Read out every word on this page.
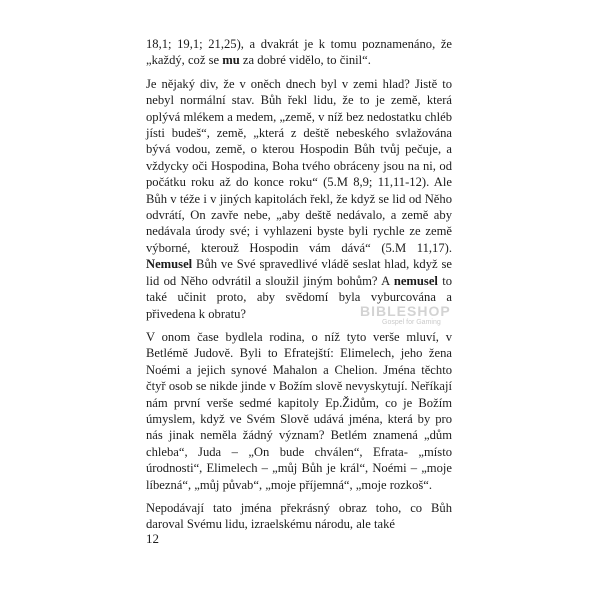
18,1; 19,1; 21,25), a dvakrát je k tomu poznamenáno, že „každý, což se mu za dobré vidělo, to činil“.

Je nějaký div, že v oněch dnech byl v zemi hlad? Jistě to nebyl normální stav. Bůh řekl lidu, že to je země, která oplývá mlékem a medem, „země, v níž bez nedostatku chléb jísti budeš“, země, „která z deště nebeského svlažována bývá vodou, země, o kterou Hospodin Bůh tvůj pečuje, a vždycky oči Hospodina, Boha tvého obráceny jsou na ni, od počátku roku až do konce roku“ (5.M 8,9; 11,11-12). Ale Bůh v téže i v jiných kapitolách řekl, že když se lid od Něho odvrátí, On zavře nebe, „aby deště nedávalo, a země aby nedávala úrody své; i vyhlazeni byste byli rychle ze země výborné, kterouž Hospodin vám dává“ (5.M 11,17). Nemusel Bůh ve Své spravedlivé vládě seslat hlad, když se lid od Něho odvrátil a sloužil jiným bohům? A nemusel to také učinit proto, aby svědomí byla vyburcována a přivedena k obratu?

V onom čase bydlela rodina, o níž tyto verše mluví, v Betlémě Judově. Byli to Efratejští: Elimelech, jeho žena Noémi a jejich synové Mahalon a Chelion. Jména těchto čtyř osob se nikde jinde v Božím slově nevyskytují. Neříkají nám první verše sedmé kapitoly Ep.Židům, co je Božím úmyslem, když ve Svém Slově udává jména, která by pro nás jinak neměla žádný význam? Betlém znamená „dům chleba“, Juda – „On bude chválen“, Efrata- „místo úrodnosti“, Elimelech – „můj Bůh je král“, Noémi – „moje líbezná“, „můj půvab“, „moje příjemná“, „moje rozkoš“.

Nepodávají tato jména překrásný obraz toho, co Bůh daroval Svému lidu, izraelskému národu, ale také

BIBLESHOP
Gospel for Gaming
12
